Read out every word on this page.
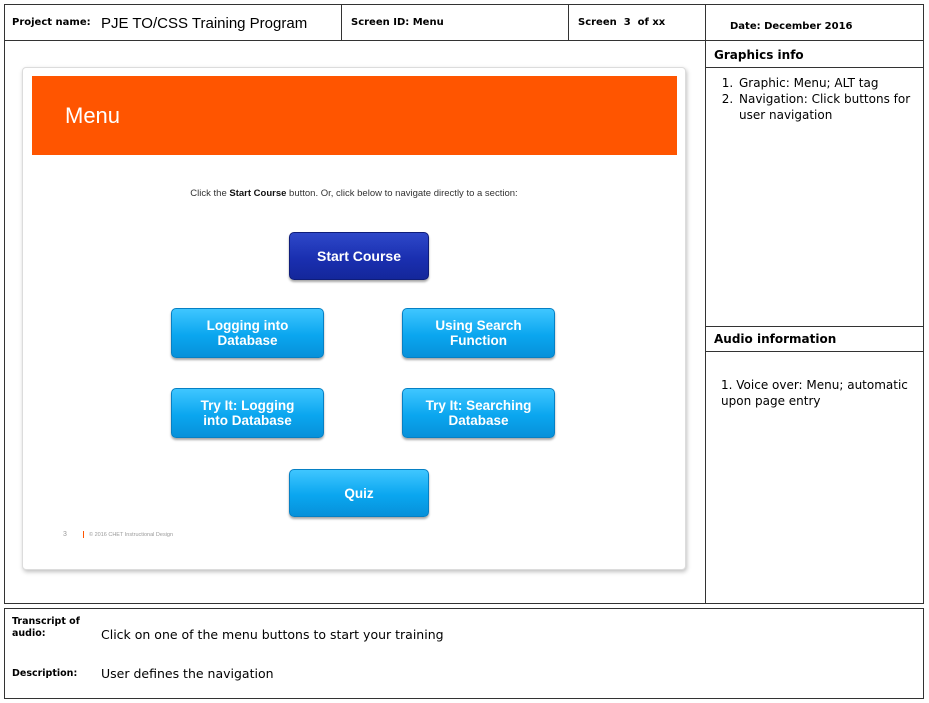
Project name: PJE TO/CSS Training Program	Screen ID: Menu	Screen  3  of xx	Date: December 2016
Menu
Click the Start Course button. Or, click below to navigate directly to a section:
Start Course
Logging into
Database
Using Search
Function
Try It: Logging
into Database
Try It: Searching
Database
Quiz
3	© 2016 CHET Instructional Design
Graphics info
1. Graphic: Menu; ALT tag
2. Navigation: Click buttons for user navigation
Audio information
1. Voice over: Menu; automatic upon page entry
Transcript of audio:	Click on one of the menu buttons to start your training
Description: User defines the navigation
